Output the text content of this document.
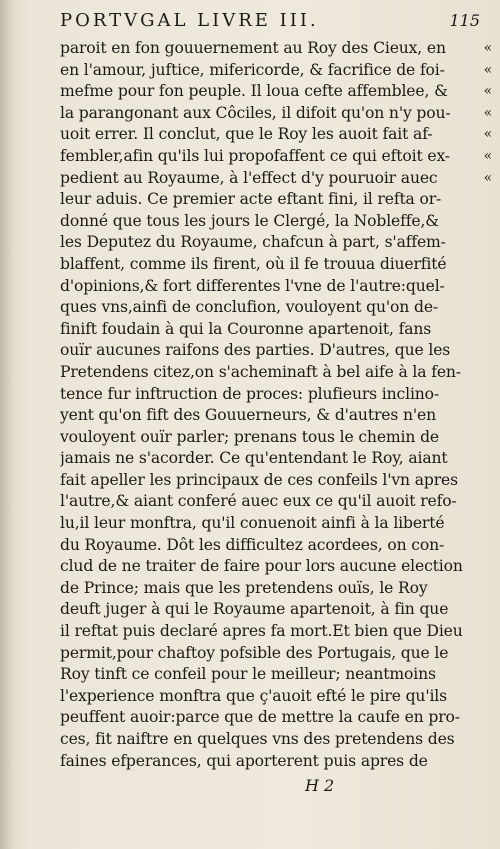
PORTVGAL LIVRE III.	115
paroit en fon gouuernement au Roy des Cieux, en	«
en l'amour, juftice, mifericorde, & facrifice de foi-	«
mefme pour fon peuple. Il loua cefte affemblee, &	«
la parangonant aux Côciles, il difoit qu'on n'y pou- «
uoit errer. Il conclut, que le Roy les auoit fait af-	«
fembler,afin qu'ils lui propofaffent ce qui eftoit ex- «
pedient au Royaume, à l'effect d'y pouruoir auec	«
leur aduis. Ce premier acte eftant fini, il refta or-
donné que tous les jours le Clergé, la Nobleffe,&
les Deputez du Royaume, chafcun à part, s'affem-
blaffent, comme ils firent, où il fe trouua diuerfité
d'opinions,& fort differentes l'vne de l'autre:quel-
ques vns,ainfi de conclufion, vouloyent qu'on de-
finift foudain à qui la Couronne apartenoit, fans
ouïr aucunes raifons des parties. D'autres, que les
Pretendens citez,on s'acheminaft à bel aife à la fen-
tence fur inftruction de proces: plufieurs inclino-
yent qu'on fift des Gouuerneurs, & d'autres n'en
vouloyent ouïr parler; prenans tous le chemin de
jamais ne s'acorder. Ce qu'entendant le Roy, aiant
fait apeller les principaux de ces confeils l'vn apres
l'autre,& aiant conferé auec eux ce qu'il auoit refo-
lu,il leur monftra, qu'il conuenoit ainfi à la liberté
du Royaume. Dôt les difficultez acordees, on con-
clud de ne traiter de faire pour lors aucune election
de Prince; mais que les pretendens ouïs, le Roy
deuft juger à qui le Royaume apartenoit, à fin que
il reftat puis declaré apres fa mort.Et bien que Dieu
permit,pour chaftoy pofsible des Portugais, que le
Roy tinft ce confeil pour le meilleur; neantmoins
l'experience monftra que ç'auoit efté le pire qu'ils
peuffent auoir:parce que de mettre la caufe en pro-
ces, fit naiftre en quelques vns des pretendens des
faines efperances, qui aporterent puis apres de
H 2
